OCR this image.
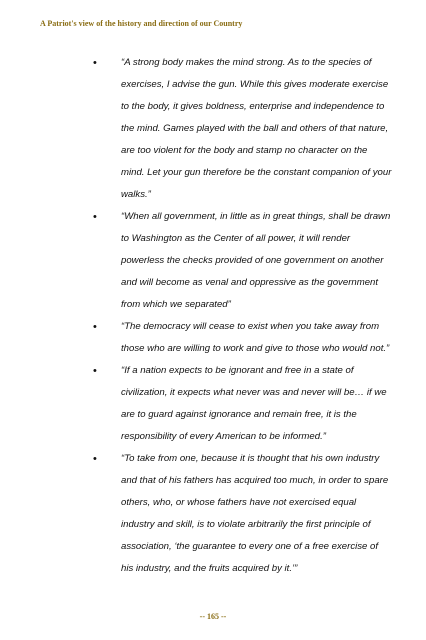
A Patriot's view of the history and direction of our Country
•	“A strong body makes the mind strong. As to the species of exercises, I advise the gun. While this gives moderate exercise to the body, it gives boldness, enterprise and independence to the mind. Games played with the ball and others of that nature, are too violent for the body and stamp no character on the mind. Let your gun therefore be the constant companion of your walks.”
•	“When all government, in little as in great things, shall be drawn to Washington as the Center of all power, it will render powerless the checks provided of one government on another and will become as venal and oppressive as the government from which we separated”
•	“The democracy will cease to exist when you take away from those who are willing to work and give to those who would not.”
•	“If a nation expects to be ignorant and free in a state of civilization, it expects what never was and never will be… if we are to guard against ignorance and remain free, it is the responsibility of every American to be informed.”
•	“To take from one, because it is thought that his own industry and that of his fathers has acquired too much, in order to spare others, who, or whose fathers have not exercised equal industry and skill, is to violate arbitrarily the first principle of association, ‘the guarantee to every one of a free exercise of his industry, and the fruits acquired by it.’”
-- 165 --
